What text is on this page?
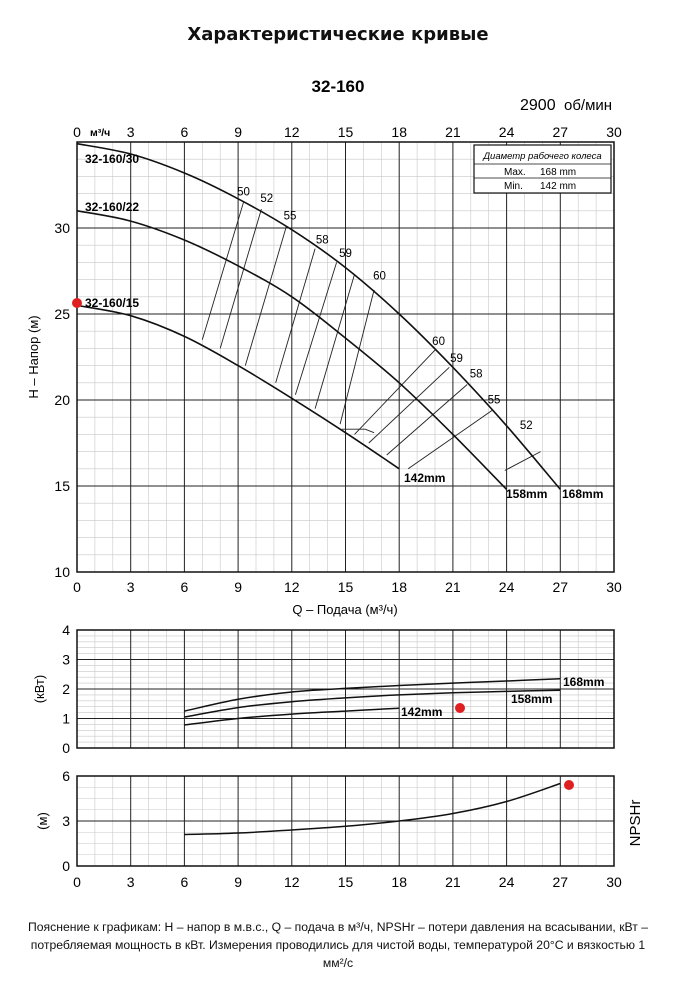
Характеристические кривые
32-160
2900 об/мин
0
0
3
3
6
6
9
9
12
12
15
15
18
18
21
21
24
24
27
27
30
30
м³/ч
10
15
20
25
30
Q – Подача (м³/ч)
H – Напор (м)
Диаметр рабочего колеса
Max. 168 mm
Min. 142 mm
50
52
55
58
59
60
60
59
58
55
52
32-160/30
168mm
32-160/22
158mm
32-160/15
142mm
0
1
2
3
4
(кВт)	168mm
158mm
142mm
0
3
6
0	3	6	9	12	15	18	21	24	27	30
(м)	NPSHr
Пояснение к графикам: H – напор в м.в.с., Q – подача в м³/ч, NPSHr – потери давления на всасывании, кВт – потребляемая мощность в кВт. Измерения проводились для чистой воды, температурой 20°C и вязкостью 1 мм²/с
